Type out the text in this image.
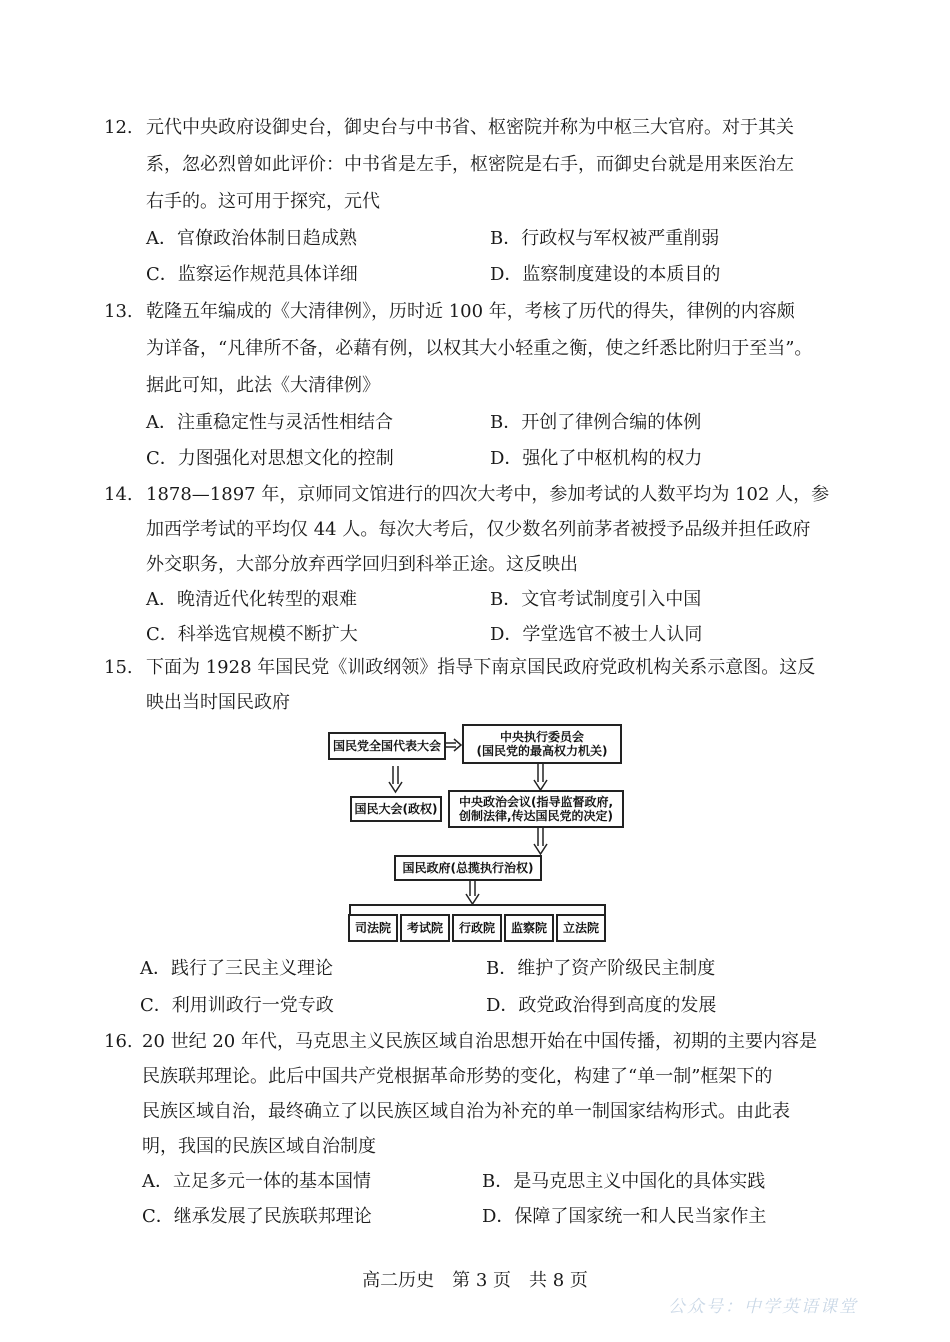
12. 元代中央政府设御史台，御史台与中书省、枢密院并称为中枢三大官府。对于其关
系，忽必烈曾如此评价：中书省是左手，枢密院是右手，而御史台就是用来医治左
右手的。这可用于探究，元代
A．官僚政治体制日趋成熟	B．行政权与军权被严重削弱
C．监察运作规范具体详细	D．监察制度建设的本质目的
13. 乾隆五年编成的《大清律例》，历时近 100 年，考核了历代的得失，律例的内容颇
为详备，“凡律所不备，必藉有例，以权其大小轻重之衡，使之纤悉比附归于至当”。
据此可知，此法《大清律例》
A．注重稳定性与灵活性相结合	B．开创了律例合编的体例
C．力图强化对思想文化的控制	D．强化了中枢机构的权力
14. 1878—1897 年，京师同文馆进行的四次大考中，参加考试的人数平均为 102 人，参
加西学考试的平均仅 44 人。每次大考后，仅少数名列前茅者被授予品级并担任政府
外交职务，大部分放弃西学回归到科举正途。这反映出
A．晚清近代化转型的艰难	B．文官考试制度引入中国
C．科举选官规模不断扩大	D．学堂选官不被士人认同
15. 下面为 1928 年国民党《训政纲领》指导下南京国民政府党政机构关系示意图。这反
映出当时国民政府
国民党全国代表大会
中央执行委员会
(国民党的最高权力机关)
国民大会(政权)	中央政治会议(指导监督政府,
创制法律,传达国民党的决定)
国民政府(总揽执行治权)
司法院	考试院	行政院	监察院	立法院
A．践行了三民主义理论	B．维护了资产阶级民主制度
C．利用训政行一党专政	D．政党政治得到高度的发展
16. 20 世纪 20 年代，马克思主义民族区域自治思想开始在中国传播，初期的主要内容是
民族联邦理论。此后中国共产党根据革命形势的变化，构建了“单一制”框架下的
民族区域自治，最终确立了以民族区域自治为补充的单一制国家结构形式。由此表
明，我国的民族区域自治制度
A．立足多元一体的基本国情	B．是马克思主义中国化的具体实践
C．继承发展了民族联邦理论	D．保障了国家统一和人民当家作主
高二历史　第 3 页　共 8 页
公众号：中学英语课堂
